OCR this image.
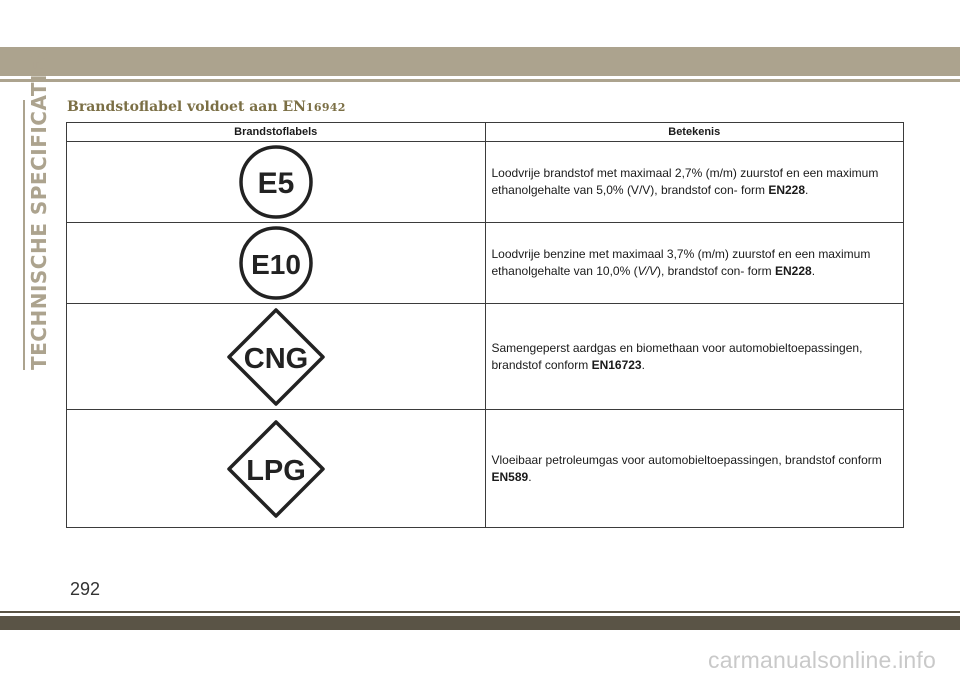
TECHNISCHE SPECIFICATIES Brandstoflabel voldoet aan EN16942
Brandstoflabels	Betekenis

E5	Loodvrije brandstof met maximaal 2,7% (m/m) zuurstof en een maximum ethanolgehalte van 5,0% (V/V), brandstof con- form EN228.

E10	Loodvrije benzine met maximaal 3,7% (m/m) zuurstof en een maximum ethanolgehalte van 10,0% (V/V), brandstof con- form EN228.

CNG	Samengeperst aardgas en biomethaan voor automobieltoepassingen, brandstof conform EN16723.

LPG	Vloeibaar petroleumgas voor automobieltoepassingen, brandstof conform EN589.
292
carmanualsonline.info
